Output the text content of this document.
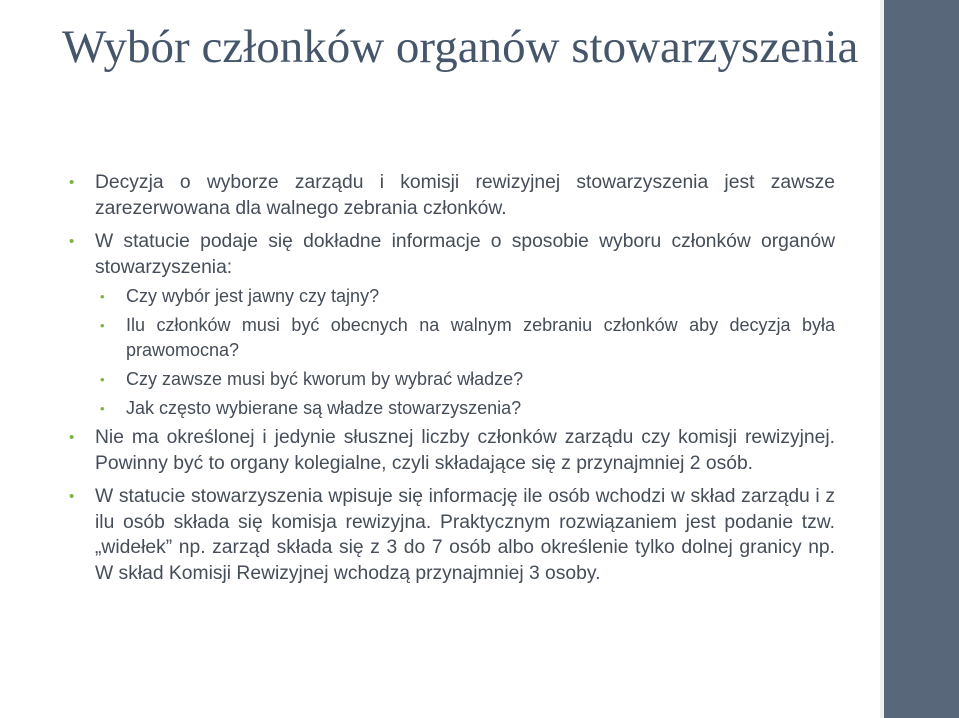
Wybór członków organów stowarzyszenia

• Decyzja o wyborze zarządu i komisji rewizyjnej stowarzyszenia jest zawsze zarezerwowana dla walnego zebrania członków.

• W statucie podaje się dokładne informacje o sposobie wyboru członków organów stowarzyszenia:

• Czy wybór jest jawny czy tajny?

• Ilu członków musi być obecnych na walnym zebraniu członków aby decyzja była prawomocna?

• Czy zawsze musi być kworum by wybrać władze?

• Jak często wybierane są władze stowarzyszenia?

• Nie ma określonej i jedynie słusznej liczby członków zarządu czy komisji rewizyjnej. Powinny być to organy kolegialne, czyli składające się z przynajmniej 2 osób.

• W statucie stowarzyszenia wpisuje się informację ile osób wchodzi w skład zarządu i z ilu osób składa się komisja rewizyjna. Praktycznym rozwiązaniem jest podanie tzw. „widełek” np. zarząd składa się z 3 do 7 osób albo określenie tylko dolnej granicy np. W skład Komisji Rewizyjnej wchodzą przynajmniej 3 osoby.
